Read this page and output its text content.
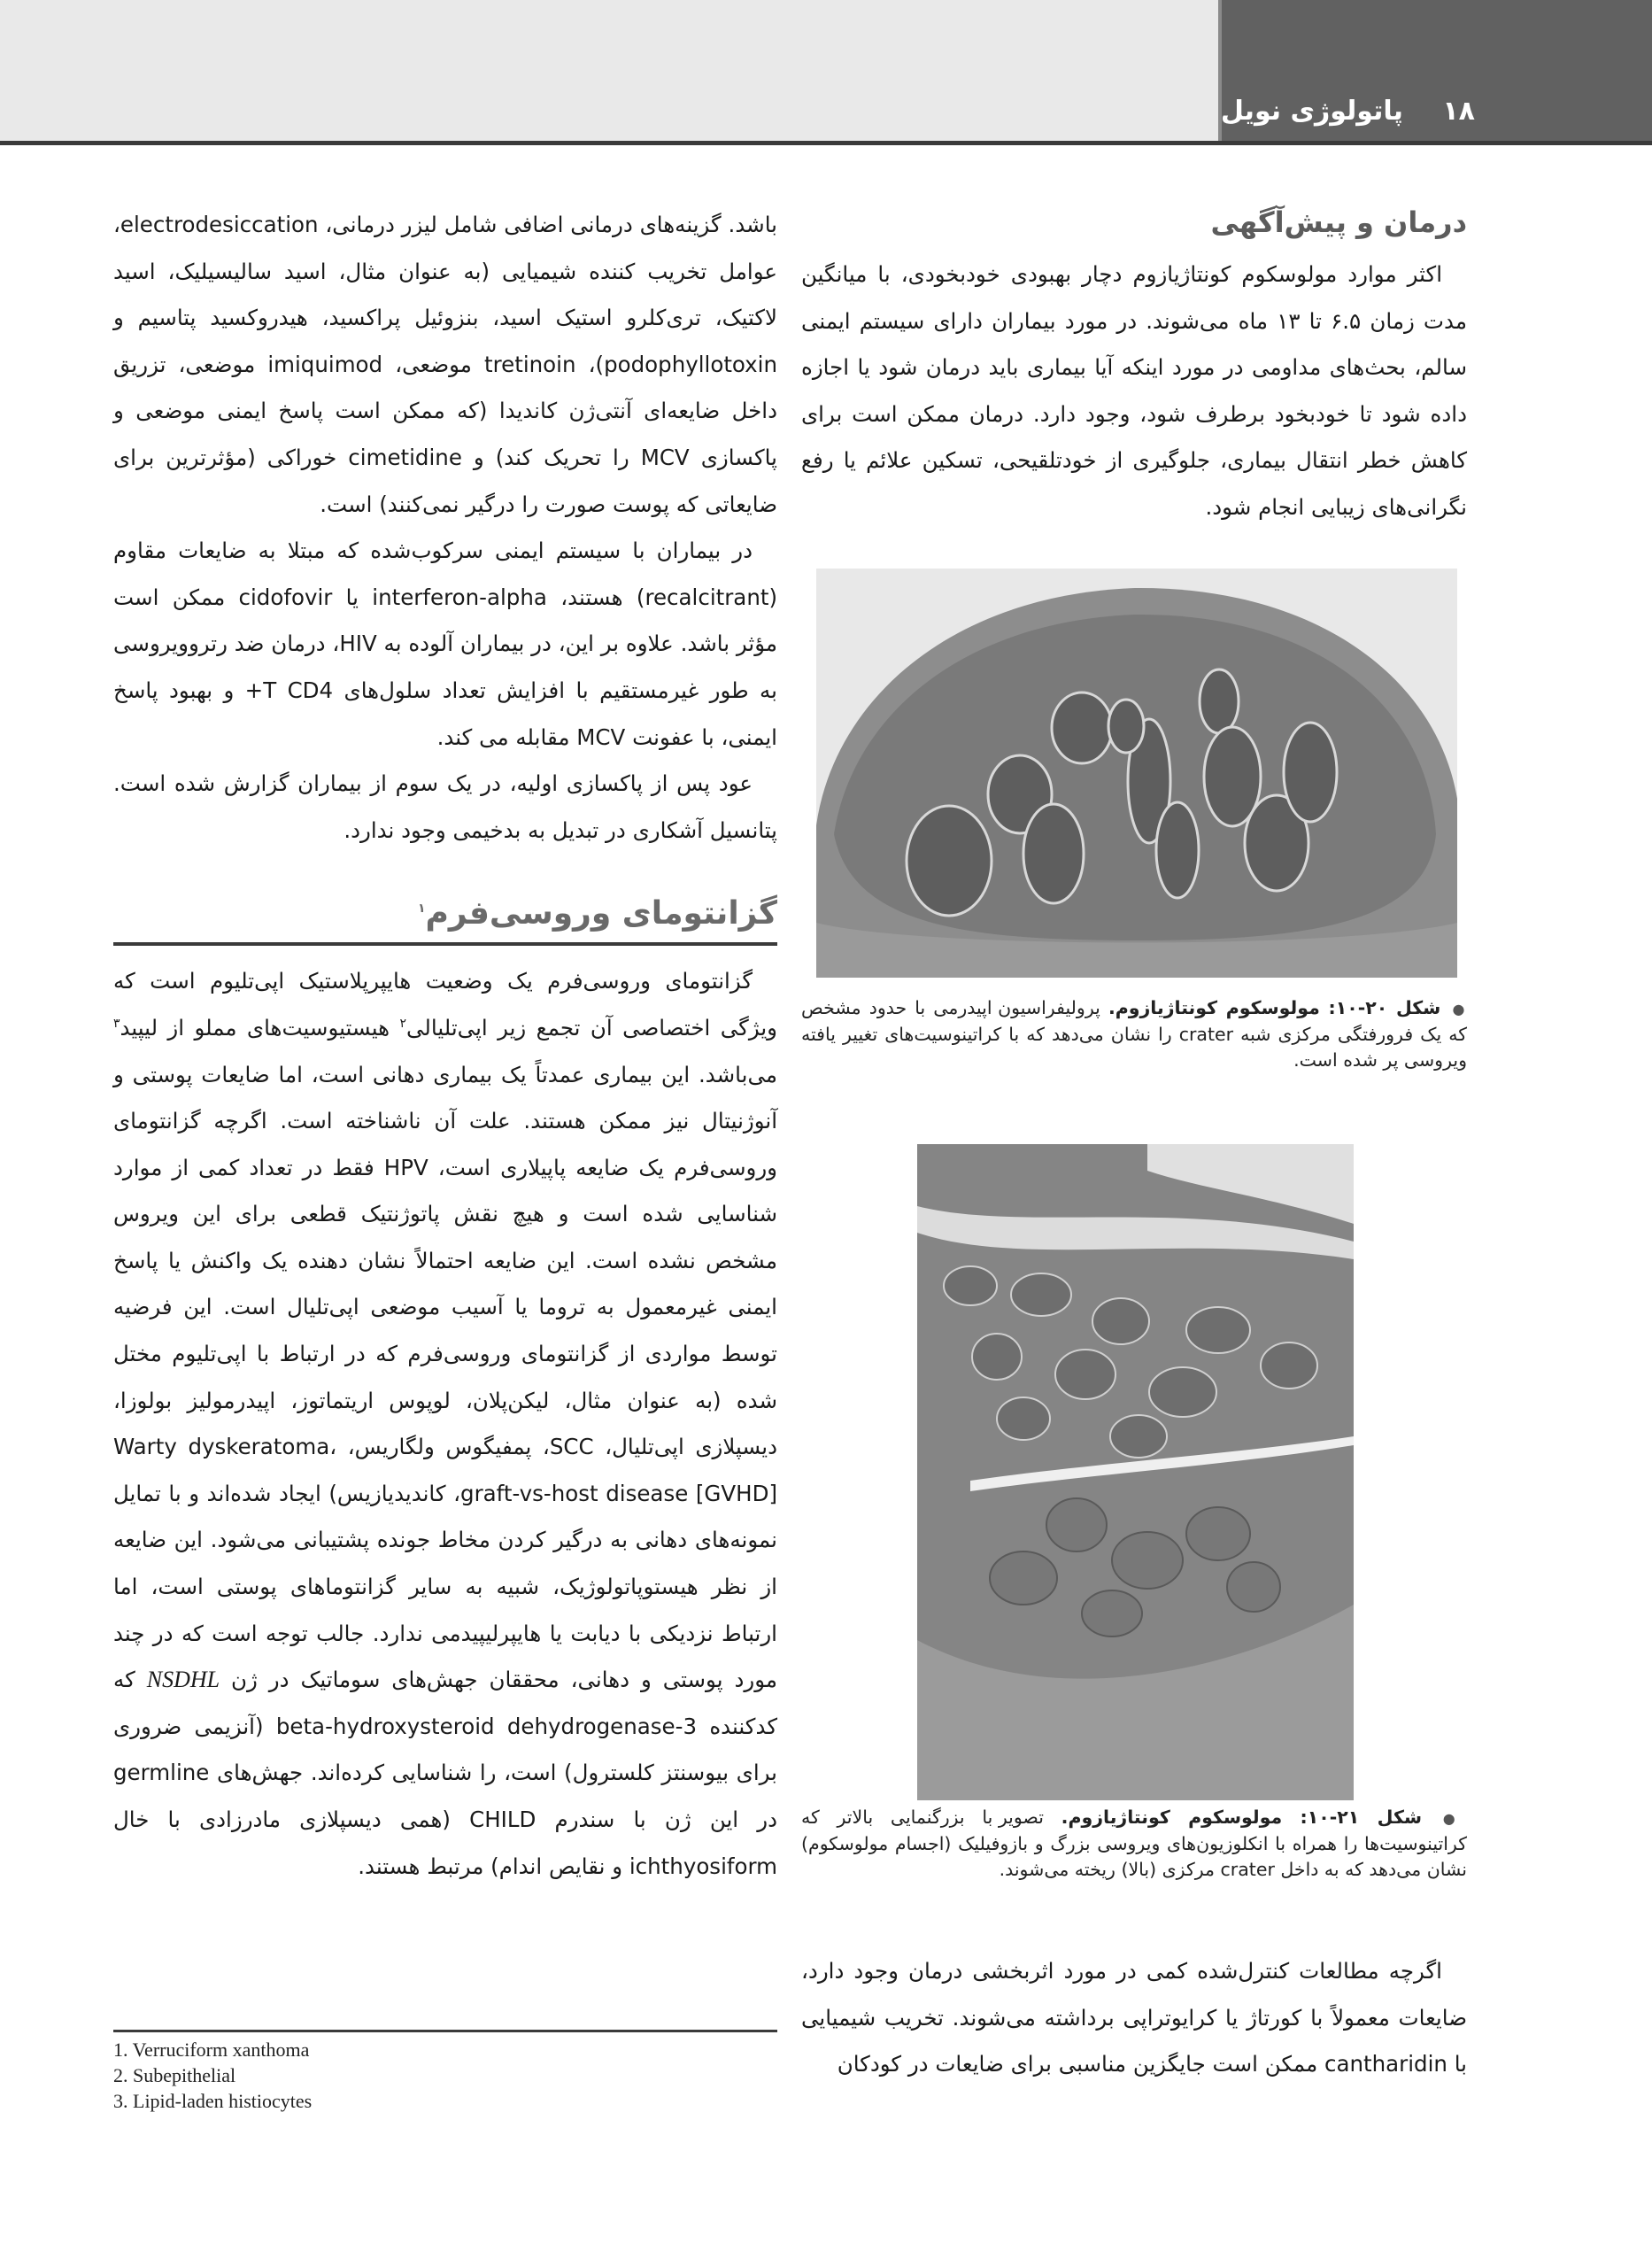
۱۸ پاتولوژی نویل
درمان و پیش‌آگهی

اکثر موارد مولوسکوم کونتاژیازوم دچار بهبودی خودبخودی، با میانگین مدت زمان ۶.۵ تا ۱۳ ماه می‌شوند. در مورد بیماران دارای سیستم ایمنی سالم، بحث‌های مداومی در مورد اینکه آیا بیماری باید درمان شود یا اجازه داده شود تا خودبخود برطرف شود، وجود دارد. درمان ممکن است برای کاهش خطر انتقال بیماری، جلوگیری از خودتلقیحی، تسکین علائم یا رفع نگرانی‌های زیبایی انجام شود.

● شکل ۲۰-۱۰: مولوسکوم کونتاژیازوم. پرولیفراسیون اپیدرمی با حدود مشخص که یک فرورفتگی مرکزی شبه crater را نشان می‌دهد که با کراتینوسیت‌های تغییر یافته ویروسی پر شده است.
● شکل ۲۱-۱۰: مولوسکوم کونتاژیازوم. تصویر با بزرگنمایی بالاتر که کراتینوسیت‌ها را همراه با انکلوزیون‌های ویروسی بزرگ و بازوفیلیک (اجسام مولوسکوم) نشان می‌دهد که به داخل crater مرکزی (بالا) ریخته می‌شوند.

اگرچه مطالعات کنترل‌شده کمی در مورد اثربخشی درمان وجود دارد، ضایعات معمولاً با کورتاژ یا کرایوتراپی برداشته می‌شوند. تخریب شیمیایی با cantharidin ممکن است جایگزین مناسبی برای ضایعات در کودکان

باشد. گزینه‌های درمانی اضافی شامل لیزر درمانی، electrodesiccation، عوامل تخریب کننده شیمیایی (به عنوان مثال، اسید سالیسیلیک، اسید لاکتیک، تری‌کلرو استیک اسید، بنزوئیل پراکسید، هیدروکسید پتاسیم و podophyllotoxin)، tretinoin موضعی، imiquimod موضعی، تزریق داخل ضایعه‌ای آنتی‌ژن کاندیدا (که ممکن است پاسخ ایمنی موضعی و پاکسازی MCV را تحریک کند) و cimetidine خوراکی (مؤثرترین برای ضایعاتی که پوست صورت را درگیر نمی‌کنند) است.

در بیماران با سیستم ایمنی سرکوب‌شده که مبتلا به ضایعات مقاوم (recalcitrant) هستند، interferon-alpha یا cidofovir ممکن است مؤثر باشد. علاوه بر این، در بیماران آلوده به HIV، درمان ضد رتروویروسی به طور غیرمستقیم با افزایش تعداد سلول‌های T CD4+ و بهبود پاسخ ایمنی، با عفونت MCV مقابله می کند.

عود پس از پاکسازی اولیه، در یک سوم از بیماران گزارش شده است. پتانسیل آشکاری در تبدیل به بدخیمی وجود ندارد.

گزانتومای وروسی‌فرم$^۱$

گزانتومای وروسی‌فرم یک وضعیت هایپرپلاستیک اپی‌تلیوم است که ویژگی اختصاصی آن تجمع زیر اپی‌تلیالی$^۲$ هیستیوسیت‌های مملو از لیپید$^۳$ می‌باشد. این بیماری عمدتاً یک بیماری دهانی است، اما ضایعات پوستی و آنوژنیتال نیز ممکن هستند. علت آن ناشناخته است. اگرچه گزانتومای وروسی‌فرم یک ضایعه پاپیلاری است، HPV فقط در تعداد کمی از موارد شناسایی شده است و هیچ نقش پاتوژنتیک قطعی برای این ویروس مشخص نشده است. این ضایعه احتمالاً نشان دهنده یک واکنش یا پاسخ ایمنی غیرمعمول به تروما یا آسیب موضعی اپی‌تلیال است. این فرضیه توسط مواردی از گزانتومای وروسی‌فرم که در ارتباط با اپی‌تلیوم مختل شده (به عنوان مثال، لیکن‌پلان، لوپوس اریتماتوز، اپیدرمولیز بولوزا، دیسپلازی اپی‌تلیال، SCC، پمفیگوس ولگاریس، Warty dyskeratoma، graft-vs-host disease [GVHD]، کاندیدیازیس) ایجاد شده‌اند و با تمایل نمونه‌های دهانی به درگیر کردن مخاط جونده پشتیبانی می‌شود. این ضایعه از نظر هیستوپاتولوژیک، شبیه به سایر گزانتوماهای پوستی است، اما ارتباط نزدیکی با دیابت یا هایپرلیپیدمی ندارد. جالب توجه است که در چند مورد پوستی و دهانی، محققان جهش‌های سوماتیک در ژن NSDHL که کدکننده 3-beta-hydroxysteroid dehydrogenase (آنزیمی ضروری برای بیوسنتز کلسترول) است، را شناسایی کرده‌اند. جهش‌های germline در این ژن با سندرم CHILD (همی دیسپلازی مادرزادی با خال ichthyosiform و نقایص اندام) مرتبط هستند.

1. Verruciform xanthoma
2. Subepithelial
3. Lipid-laden histiocytes
